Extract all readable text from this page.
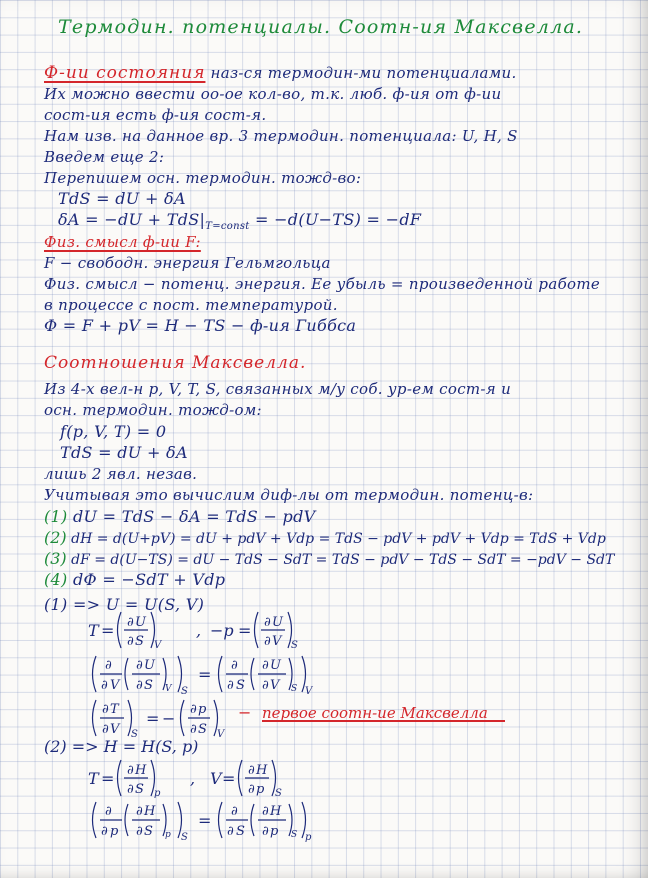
Термодин. потенциалы. Соотн-ия Максвелла.
Ф-ии состояния наз-ся термодин-ми потенциалами.
Их можно ввести оо-ое кол-во, т.к. люб. ф-ия от ф-ии
сост-ия есть ф-ия сост-я.
Нам изв. на данное вр. 3 термодин. потенциала: U, H, S
Введем еще 2:
Перепишем осн. термодин. тожд-во:
TdS = dU + δA
$\delta A = -dU + TdS|_{T=const} = -d(U-TS) = -dF$
Физ. смысл ф-ии F:
F − свободн. энергия Гельмгольца
Физ. смысл − потенц. энергия. Ее убыль = произведенной работе
в процессе с пост. температурой.
Φ = F + pV = H − TS − ф-ия Гиббса
Соотношения Максвелла.
Из 4-х вел-н p, V, T, S, связанных м/у соб. ур-ем сост-я и
осн. термодин. тожд-ом:
f(p, V, T) = 0
TdS = dU + δA
лишь 2 явл. незав.
Учитывая это вычислим диф-лы от термодин. потенц-в:
(1) dU = TdS − δA = TdS − pdV
(2) dH = d(U+pV) = dU + pdV + Vdp = TdS − pdV + pdV + Vdp = TdS + Vdp
(3) dF = d(U−TS) = dU − TdS − SdT = TdS − pdV − TdS − SdT = −pdV − SdT
(4) dΦ = −SdT + Vdp
(1) => U = U(S, V)
T = ∂ U
∂ S V
, −p = ∂ U
∂ V S
∂
∂ V
∂ U
∂ S V S
= ∂
∂ S
∂ U
∂ V S V
∂ T
∂ V S
= − ∂ p
∂ S V
− первое соотн-ие Максвелла
(2) => H = H(S, p)
T = ∂ H
∂ S p
, V = ∂ H
∂ p S
∂
∂ p
∂ H
∂ S p S
= ∂
∂ S
∂ H
∂ p S p
